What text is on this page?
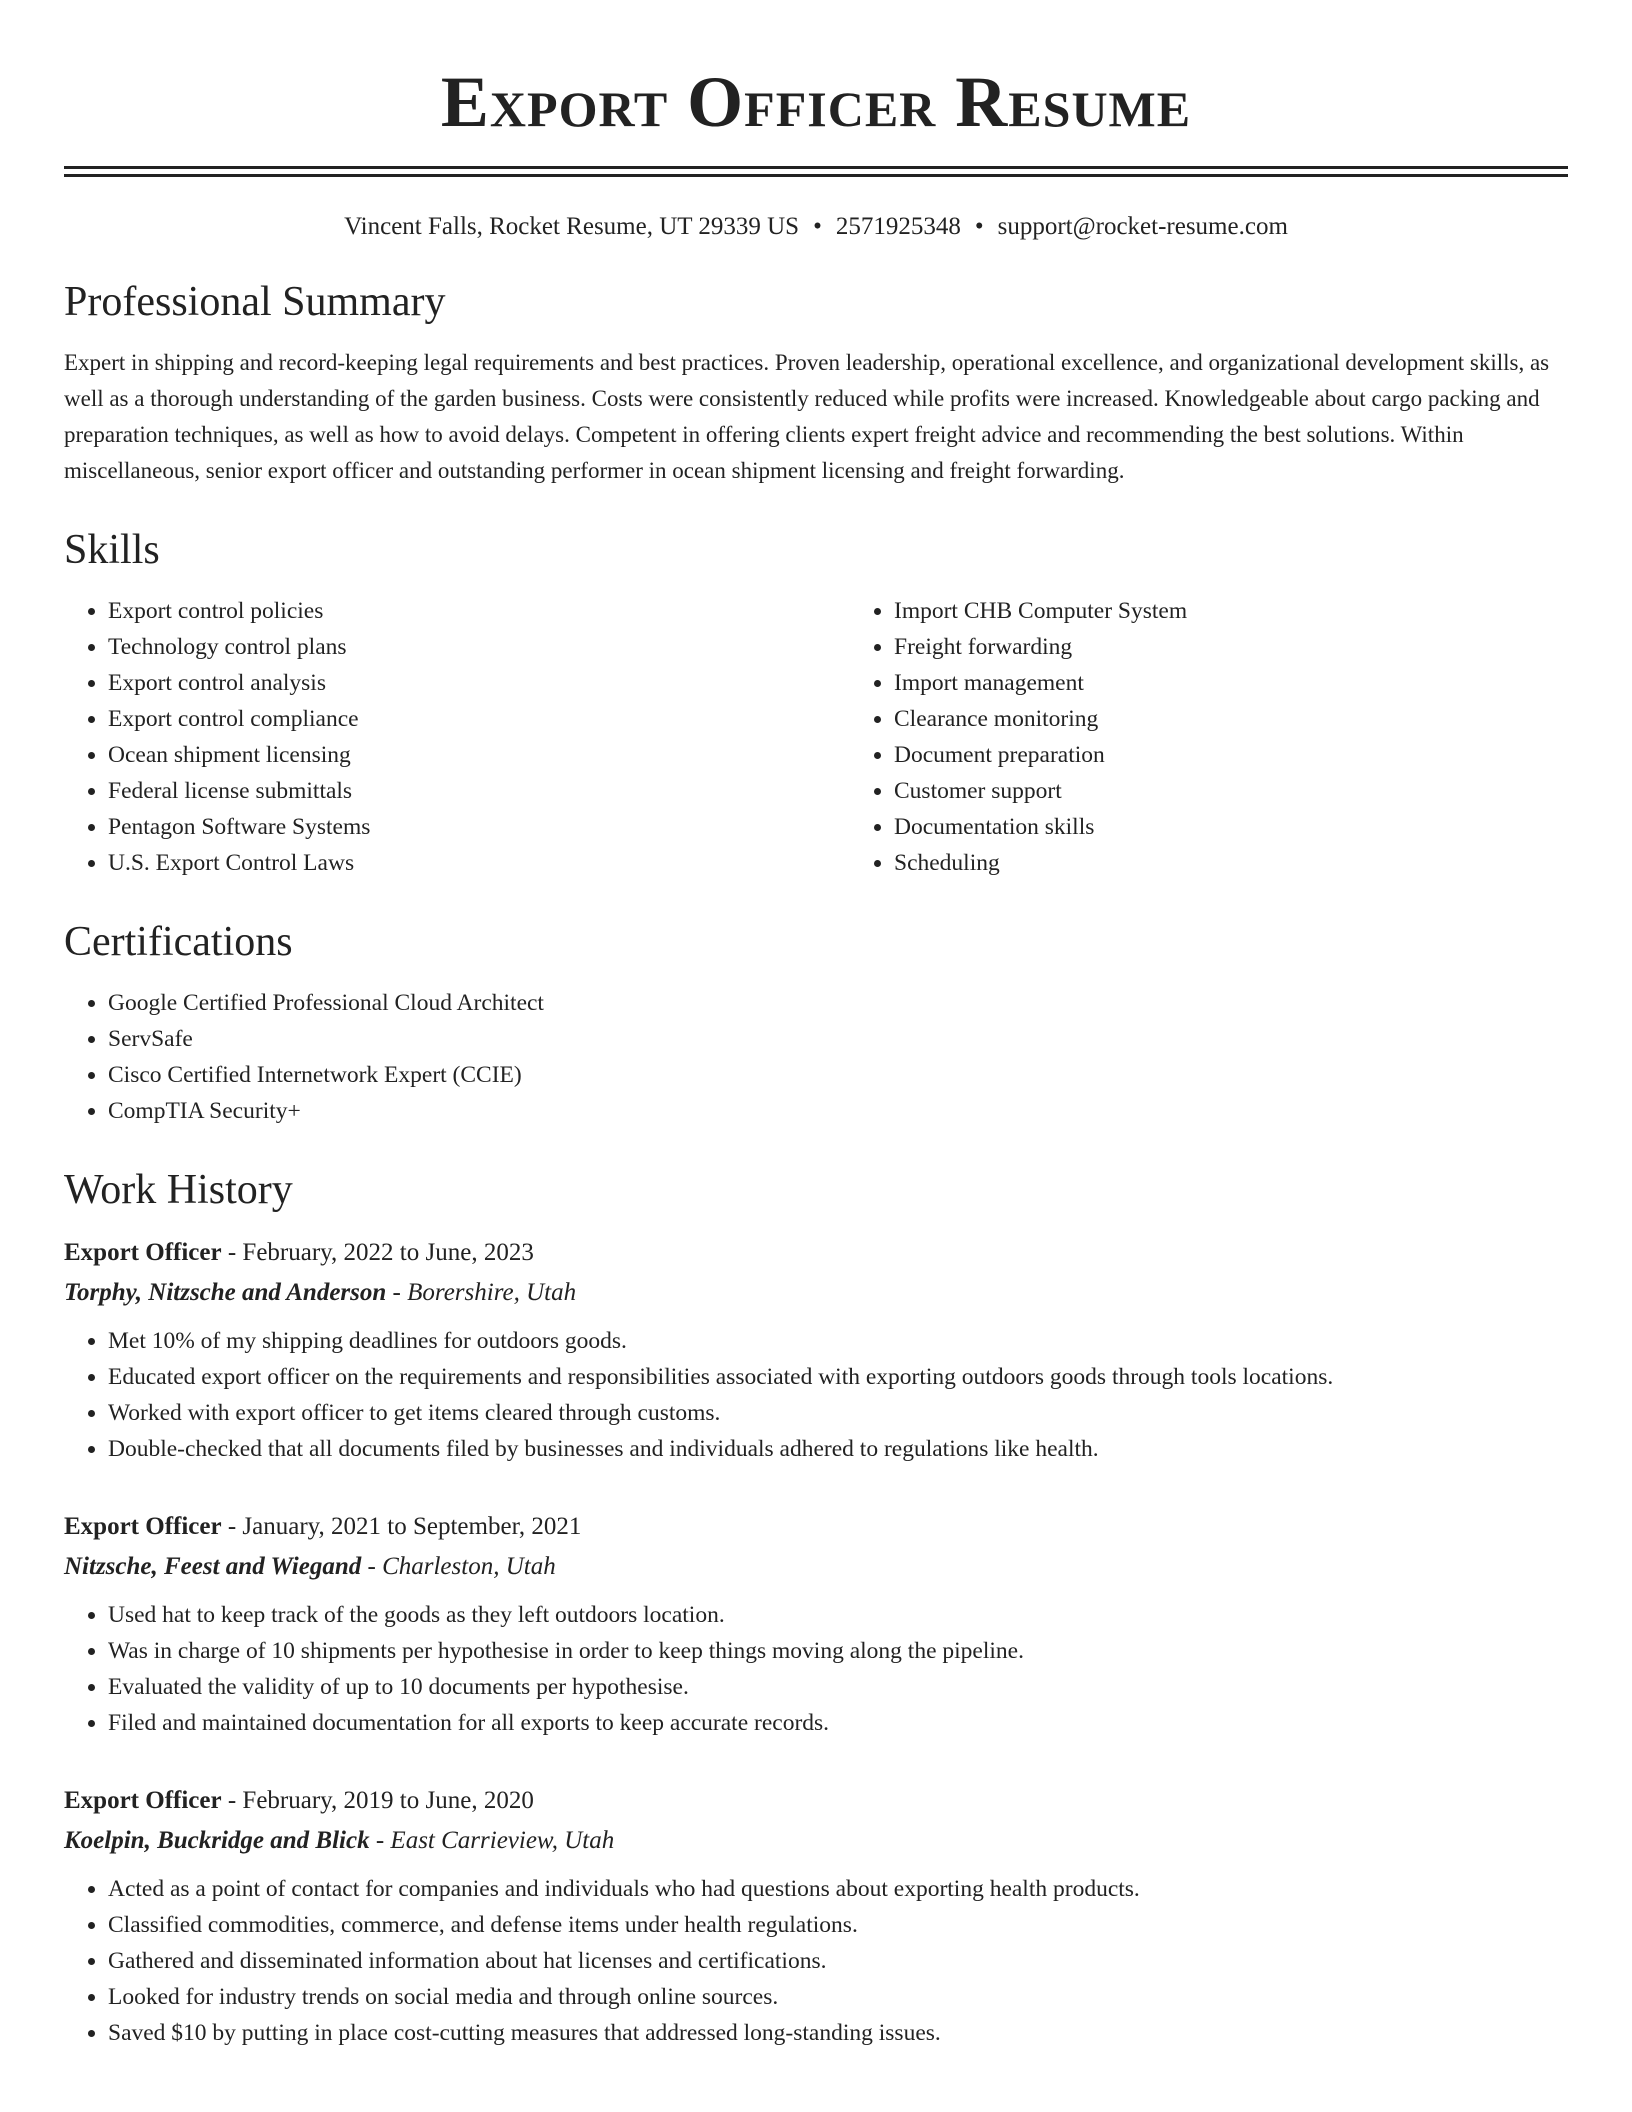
Export Officer Resume
Vincent Falls, Rocket Resume, UT 29339 US • 2571925348 • support@rocket-resume.com
Professional Summary

Expert in shipping and record-keeping legal requirements and best practices. Proven leadership, operational excellence, and organizational development skills, as well as a thorough understanding of the garden business. Costs were consistently reduced while profits were increased. Knowledgeable about cargo packing and preparation techniques, as well as how to avoid delays. Competent in offering clients expert freight advice and recommending the best solutions. Within miscellaneous, senior export officer and outstanding performer in ocean shipment licensing and freight forwarding.

Skills
• Export control policies
• Technology control plans
• Export control analysis
• Export control compliance
• Ocean shipment licensing
• Federal license submittals
• Pentagon Software Systems
• U.S. Export Control Laws
• Import CHB Computer System
• Freight forwarding
• Import management
• Clearance monitoring
• Document preparation
• Customer support
• Documentation skills
• Scheduling
Certifications
• Google Certified Professional Cloud Architect
• ServSafe
• Cisco Certified Internetwork Expert (CCIE)
• CompTIA Security+
Work History
Export Officer - February, 2022 to June, 2023
Torphy, Nitzsche and Anderson - Borershire, Utah
• Met 10% of my shipping deadlines for outdoors goods.
• Educated export officer on the requirements and responsibilities associated with exporting outdoors goods through tools locations.
• Worked with export officer to get items cleared through customs.
• Double-checked that all documents filed by businesses and individuals adhered to regulations like health.
Export Officer - January, 2021 to September, 2021
Nitzsche, Feest and Wiegand - Charleston, Utah
• Used hat to keep track of the goods as they left outdoors location.
• Was in charge of 10 shipments per hypothesise in order to keep things moving along the pipeline.
• Evaluated the validity of up to 10 documents per hypothesise.
• Filed and maintained documentation for all exports to keep accurate records.
Export Officer - February, 2019 to June, 2020
Koelpin, Buckridge and Blick - East Carrieview, Utah
• Acted as a point of contact for companies and individuals who had questions about exporting health products.
• Classified commodities, commerce, and defense items under health regulations.
• Gathered and disseminated information about hat licenses and certifications.
• Looked for industry trends on social media and through online sources.
• Saved $10 by putting in place cost-cutting measures that addressed long-standing issues.
